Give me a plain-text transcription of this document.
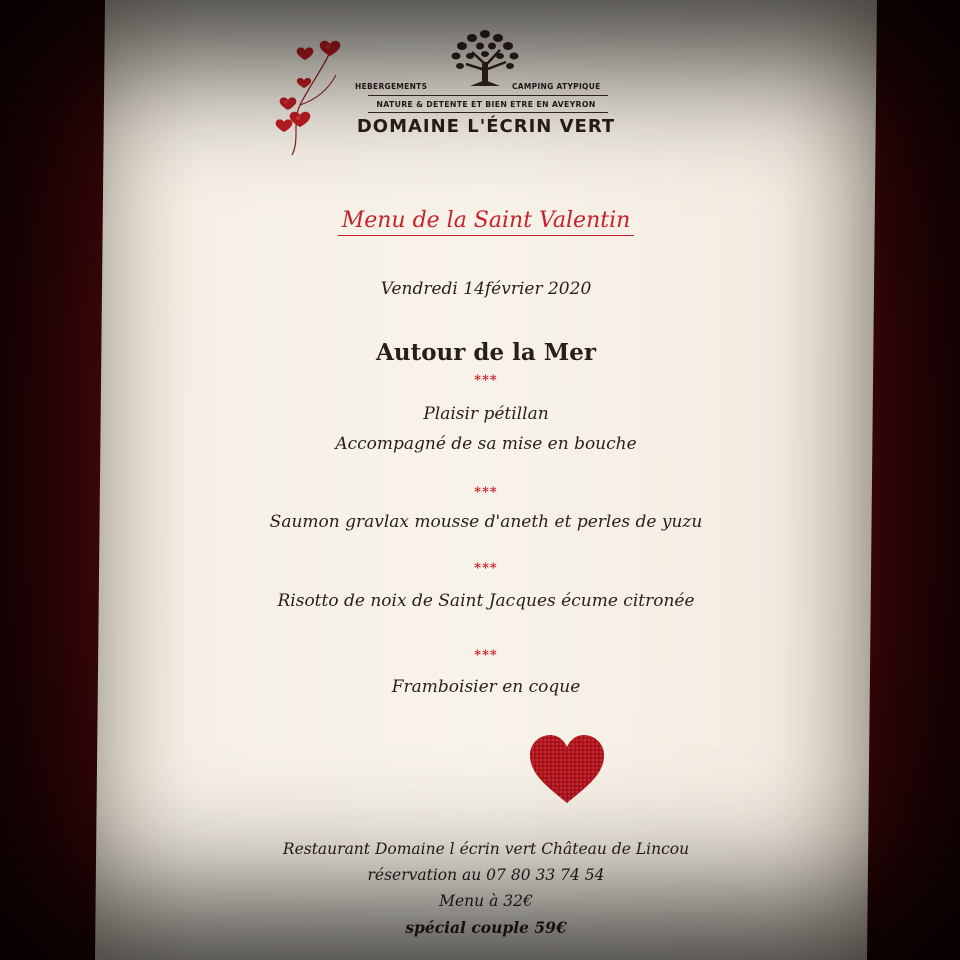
HEBERGEMENTS	CAMPING ATYPIQUE
NATURE & DETENTE ET BIEN ETRE EN AVEYRON
DOMAINE L'ÉCRIN VERT
Menu de la Saint Valentin
Vendredi 14février 2020
Autour de la Mer
***
Plaisir pétillan
Accompagné de sa mise en bouche
***
Saumon gravlax mousse d'aneth et perles de yuzu
***
Risotto de noix de Saint Jacques écume citronée
***
Framboisier en coque
Restaurant Domaine l écrin vert Château de Lincou
réservation au 07 80 33 74 54
Menu à 32€
spécial couple 59€
